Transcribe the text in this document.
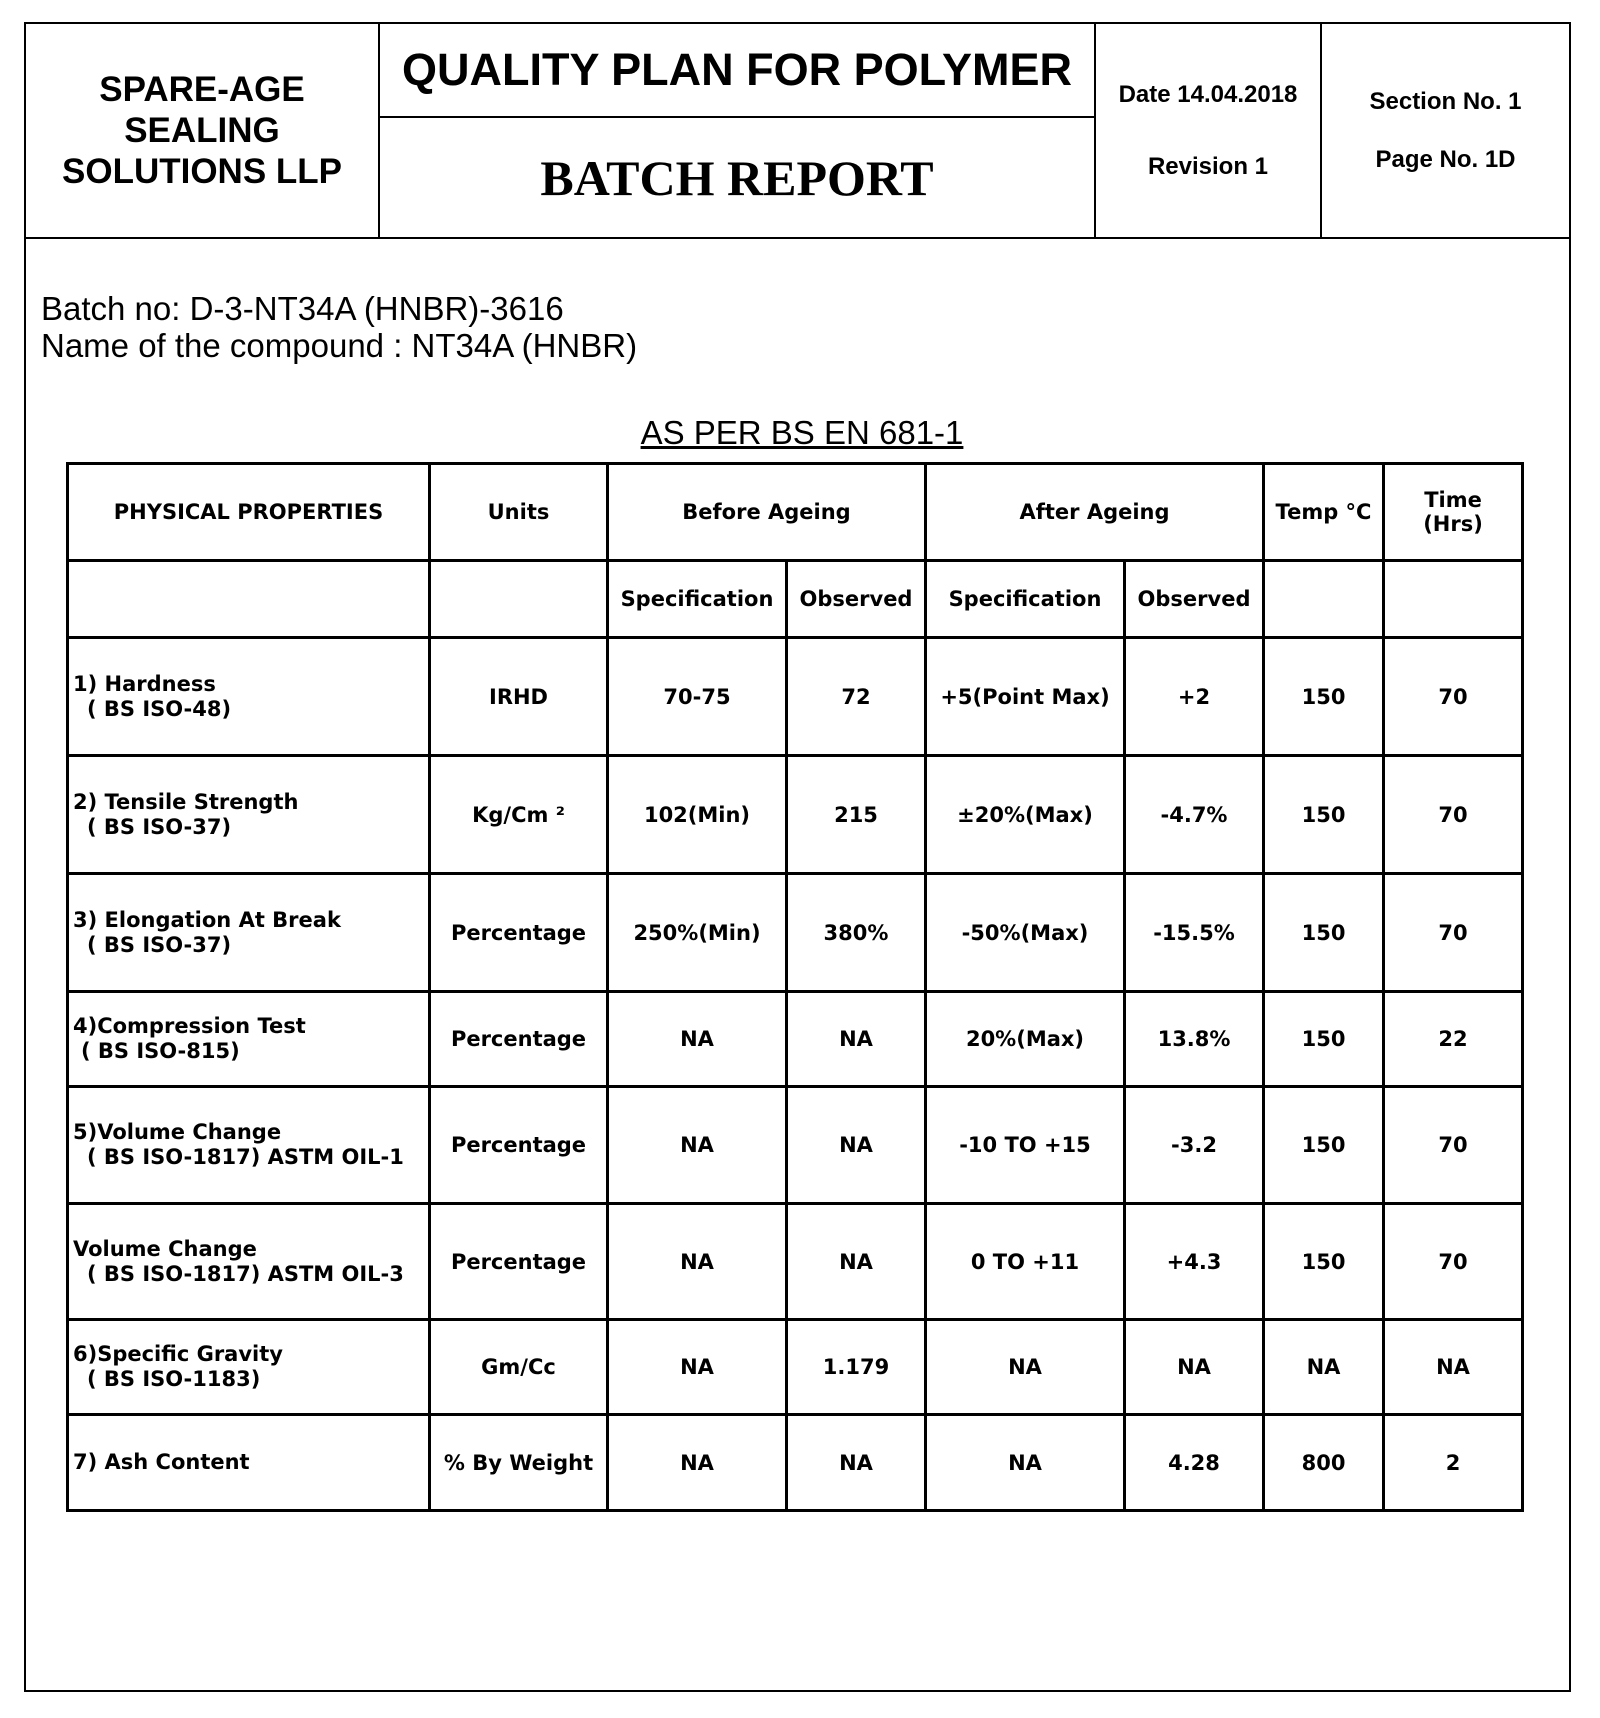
SPARE-AGE
SEALING
SOLUTIONS LLP
	QUALITY PLAN FOR POLYMER	Date 14.04.2018
Revision 1

Section No. 1
Page No. 1D

BATCH REPORT
Batch no: D-3-NT34A (HNBR)-3616
Name of the compound : NT34A (HNBR)
AS PER BS EN 681-1
PHYSICAL PROPERTIES	Units	Before Ageing		After Ageing		Temp °C	Time
(Hrs)

		Specification	Observed	Specification	Observed		
1) Hardness
( BS ISO-48)	IRHD	70-75	72	+5(Point Max)	+2	150	70
2) Tensile Strength
( BS ISO-37)	Kg/Cm ²	102(Min)	215	±20%(Max)	-4.7%	150	70
3) Elongation At Break
( BS ISO-37)	Percentage	250%(Min)	380%	-50%(Max)	-15.5%	150	70
4)Compression Test
( BS ISO-815)	Percentage	NA	NA	20%(Max)	13.8%	150	22
5)Volume Change
( BS ISO-1817) ASTM OIL-1	Percentage	NA	NA	-10 TO +15	-3.2	150	70
Volume Change
( BS ISO-1817) ASTM OIL-3	Percentage	NA	NA	0 TO +11	+4.3	150	70
6)Specific Gravity
( BS ISO-1183)	Gm/Cc	NA	1.179	NA	NA	NA	NA
7) Ash Content	% By Weight	NA	NA	NA	4.28	800	2
